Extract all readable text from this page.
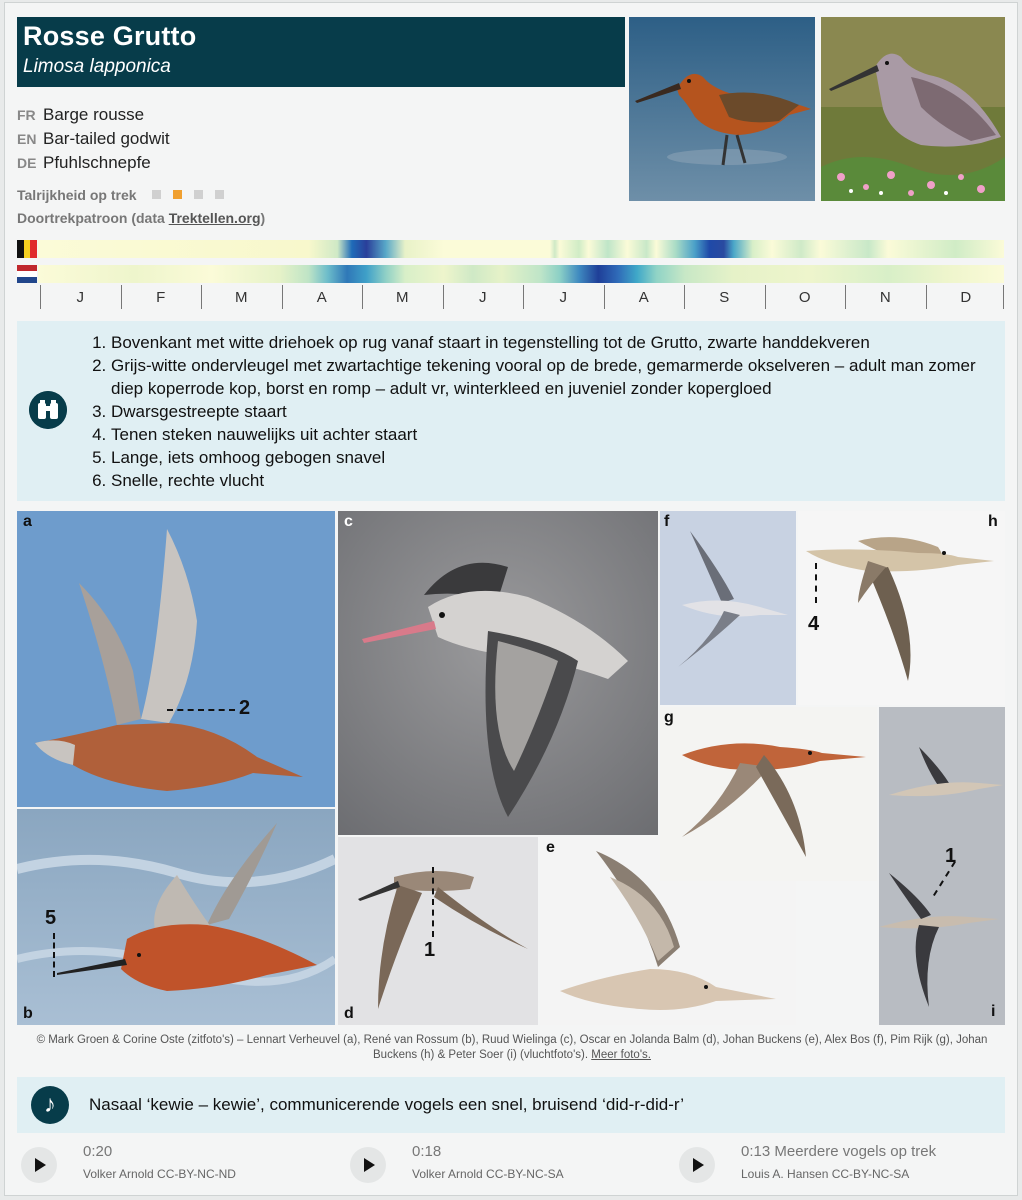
Rosse Grutto
Limosa lapponica
FR Barge rousse
EN Bar-tailed godwit
DE Pfuhlschnepfe
Talrijkheid op trek
Doortrekpatroon (data Trektellen.org)
J	F	M	A	M	J	J	A	S	O	N	D
1. Bovenkant met witte driehoek op rug vanaf staart in tegenstelling tot de Grutto, zwarte handdekveren
2. Grijs-witte ondervleugel met zwartachtige tekening vooral op de brede, gemarmerde okselveren – adult man zomer diep koperrode kop, borst en romp – adult vr, winterkleed en juveniel zonder kopergloed
3. Dwarsgestreepte staart
4. Tenen steken nauwelijks uit achter staart
5. Lange, iets omhoog gebogen snavel
6. Snelle, rechte vlucht
a
2
5
b
c
1
d
e
f
4
h
g
1
i
© Mark Groen & Corine Oste (zitfoto's) – Lennart Verheuvel (a), René van Rossum (b), Ruud Wielinga (c), Oscar en Jolanda Balm (d), Johan Buckens (e), Alex Bos (f), Pim Rijk (g), Johan Buckens (h) & Peter Soer (i) (vluchtfoto's). Meer foto's.
♪	Nasaal ‘kewie – kewie’, communicerende vogels een snel, bruisend ‘did-r-did-r’
0:20
Volker Arnold CC-BY-NC-ND
0:18
Volker Arnold CC-BY-NC-SA
0:13 Meerdere vogels op trek
Louis A. Hansen CC-BY-NC-SA
